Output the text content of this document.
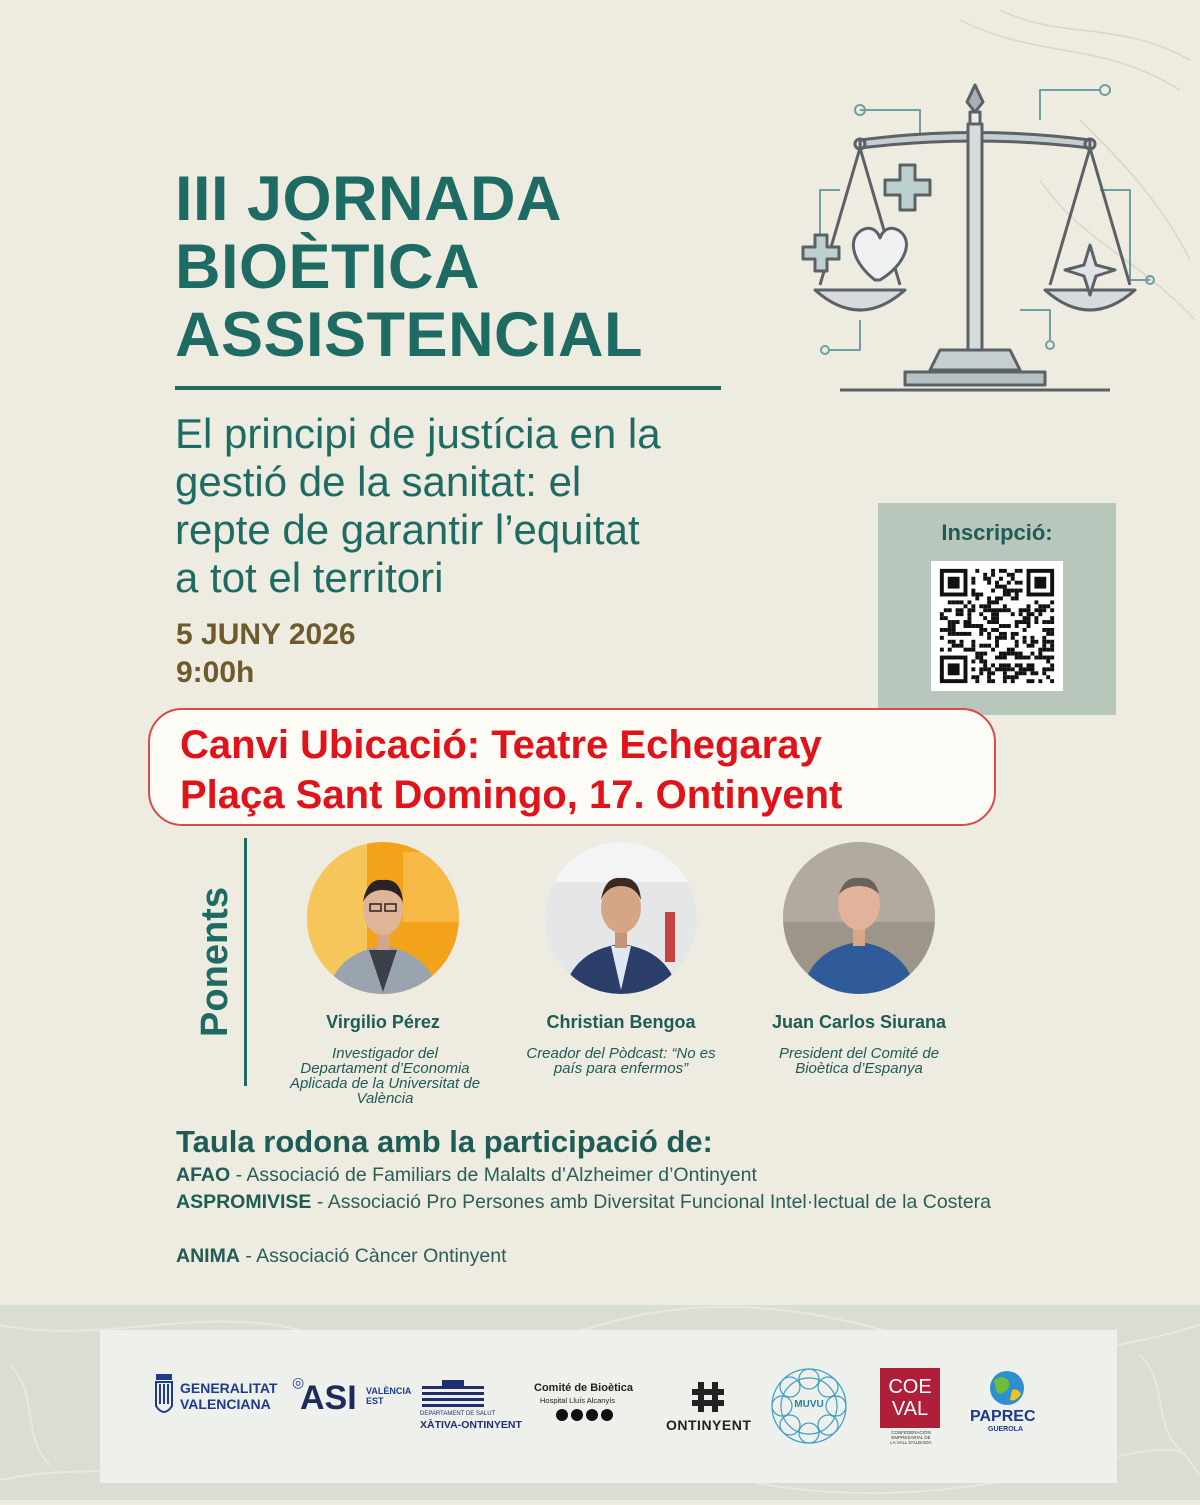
III JORNADA
BIOÈTICA
ASSISTENCIAL
El principi de justícia en la
gestió de la sanitat: el
repte de garantir l’equitat
a tot el territori
5 JUNY 2026
9:00h
Inscripció:
Canvi Ubicació: Teatre Echegaray
Plaça Sant Domingo, 17. Ontinyent
Ponents	Virgilio Pérez
Investigador del
Departament d’Economia
Aplicada de la Universitat de
València
Christian Bengoa
Creador del Pòdcast: “No es
país para enfermos”
Juan Carlos Siurana
President del Comité de
Bioètica d’Espanya
Taula rodona amb la participació de:
AFAO - Associació de Familiars de Malalts d’Alzheimer d’Ontinyent
ASPROMIVISE - Associació Pro Persones amb Diversitat Funcional Intel·lectual de la Costera
ANIMA - Associació Càncer Ontinyent
GENERALITAT
VALENCIANA
◎
ASI VALÈNCIA
EST
DEPARTAMENT DE SALUT
XÀTIVA-ONTINYENT
Comité de Bioètica
Hospital Lluís Alcanyís
ONTINYENT
MUVU
COE
VAL
CONFEDERACIÓN
EMPRESARIAL DE
LA VALL D'ALBAIDA
PAPREC
GUEROLA
